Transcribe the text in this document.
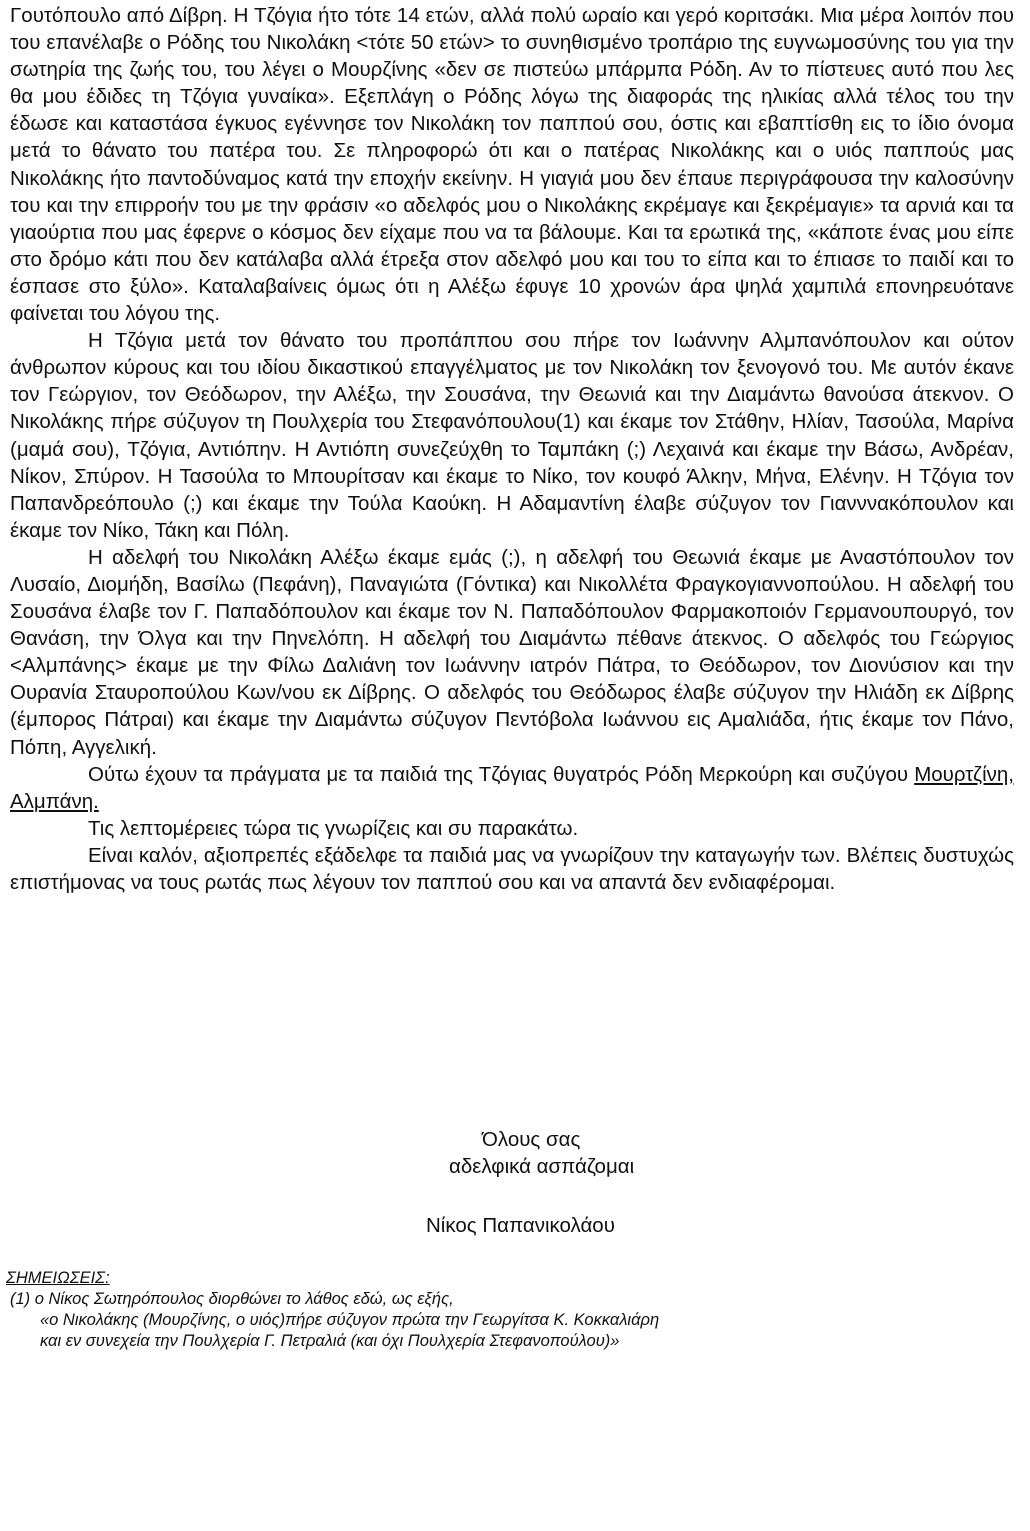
Γουτόπουλο από Δίβρη. Η Τζόγια ήτο τότε 14 ετών, αλλά πολύ ωραίο και γερό κοριτσάκι. Μια μέρα λοιπόν που του επανέλαβε ο Ρόδης του Νικολάκη <τότε 50 ετών> το συνηθισμένο τροπάριο της ευγνωμοσύνης του για την σωτηρία της ζωής του, του λέγει ο Μουρζίνης «δεν σε πιστεύω μπάρμπα Ρόδη. Αν το πίστευες αυτό που λες θα μου έδιδες τη Τζόγια γυναίκα». Εξεπλάγη ο Ρόδης λόγω της διαφοράς της ηλικίας αλλά τέλος του την έδωσε και καταστάσα έγκυος εγέννησε τον Νικολάκη τον παππού σου, όστις και εβαπτίσθη εις το ίδιο όνομα μετά το θάνατο του πατέρα του. Σε πληροφορώ ότι και ο πατέρας Νικολάκης και ο υιός παππούς μας Νικολάκης ήτο παντοδύναμος κατά την εποχήν εκείνην. Η γιαγιά μου δεν έπαυε περιγράφουσα την καλοσύνην του και την επιρροήν του με την φράσιν «ο αδελφός μου ο Νικολάκης εκρέμαγε και ξεκρέμαγιε» τα αρνιά και τα γιαούρτια που μας έφερνε ο κόσμος δεν είχαμε που να τα βάλουμε. Και τα ερωτικά της, «κάποτε ένας μου είπε στο δρόμο κάτι που δεν κατάλαβα αλλά έτρεξα στον αδελφό μου και του το είπα και το έπιασε το παιδί και το έσπασε στο ξύλο». Καταλαβαίνεις όμως ότι η Αλέξω έφυγε 10 χρονών άρα ψηλά χαμπιλά επονηρευότανε φαίνεται του λόγου της.

Η Τζόγια μετά τον θάνατο του προπάππου σου πήρε τον Ιωάννην Αλμπανόπουλον και ούτον άνθρωπον κύρους και του ιδίου δικαστικού επαγγέλματος με τον Νικολάκη τον ξενογονό του. Με αυτόν έκανε τον Γεώργιον, τον Θεόδωρον, την Αλέξω, την Σουσάνα, την Θεωνιά και την Διαμάντω θανούσα άτεκνον. Ο Νικολάκης πήρε σύζυγον τη Πουλχερία του Στεφανόπουλου(1) και έκαμε τον Στάθην, Ηλίαν, Τασούλα, Μαρίνα (μαμά σου), Τζόγια, Αντιόπην. Η Αντιόπη συνεζεύχθη το Ταμπάκη (;) Λεχαινά και έκαμε την Βάσω, Ανδρέαν, Νίκον, Σπύρον. Η Τασούλα το Μπουρίτσαν και έκαμε το Νίκο, τον κουφό Άλκην, Μήνα, Ελένην. Η Τζόγια τον Παπανδρεόπουλο (;) και έκαμε την Τούλα Καούκη. Η Αδαμαντίνη έλαβε σύζυγον τον Γιανννακόπουλον και έκαμε τον Νίκο, Τάκη και Πόλη.

Η αδελφή του Νικολάκη Αλέξω έκαμε εμάς (;), η αδελφή του Θεωνιά έκαμε με Αναστόπουλον τον Λυσαίο, Διομήδη, Βασίλω (Πεφάνη), Παναγιώτα (Γόντικα) και Νικολλέτα Φραγκογιαννοπούλου. Η αδελφή του Σουσάνα έλαβε τον Γ. Παπαδόπουλον και έκαμε τον Ν. Παπαδόπουλον Φαρμακοποιόν Γερμανουπουργό, τον Θανάση, την Όλγα και την Πηνελόπη. Η αδελφή του Διαμάντω πέθανε άτεκνος. Ο αδελφός του Γεώργιος <Αλμπάνης> έκαμε με την Φίλω Δαλιάνη τον Ιωάννην ιατρόν Πάτρα, το Θεόδωρον, τον Διονύσιον και την Ουρανία Σταυροπούλου Κων/νου εκ Δίβρης. Ο αδελφός του Θεόδωρος έλαβε σύζυγον την Ηλιάδη εκ Δίβρης (έμπορος Πάτραι) και έκαμε την Διαμάντω σύζυγον Πεντόβολα Ιωάννου εις Αμαλιάδα, ήτις έκαμε τον Πάνο, Πόπη, Αγγελική.

Ούτω έχουν τα πράγματα με τα παιδιά της Τζόγιας θυγατρός Ρόδη Μερκούρη και συζύγου Μουρτζίνη, Αλμπάνη.

Τις λεπτομέρειες τώρα τις γνωρίζεις και συ παρακάτω.

Είναι καλόν, αξιοπρεπές εξάδελφε τα παιδιά μας να γνωρίζουν την καταγωγήν των. Βλέπεις δυστυχώς επιστήμονας να τους ρωτάς πως λέγουν τον παππού σου και να απαντά δεν ενδιαφέρομαι.

Όλους σας
αδελφικά ασπάζομαι
Νίκος Παπανικολάου
ΣΗΜΕΙΩΣΕΙΣ:
(1) ο Νίκος Σωτηρόπουλος διορθώνει το λάθος εδώ, ως εξής,
«ο Νικολάκης (Μουρζίνης, ο υιός)πήρε σύζυγον πρώτα την Γεωργίτσα Κ. Κοκκαλιάρη
και εν συνεχεία την Πουλχερία Γ. Πετραλιά (και όχι Πουλχερία Στεφανοπούλου)»
